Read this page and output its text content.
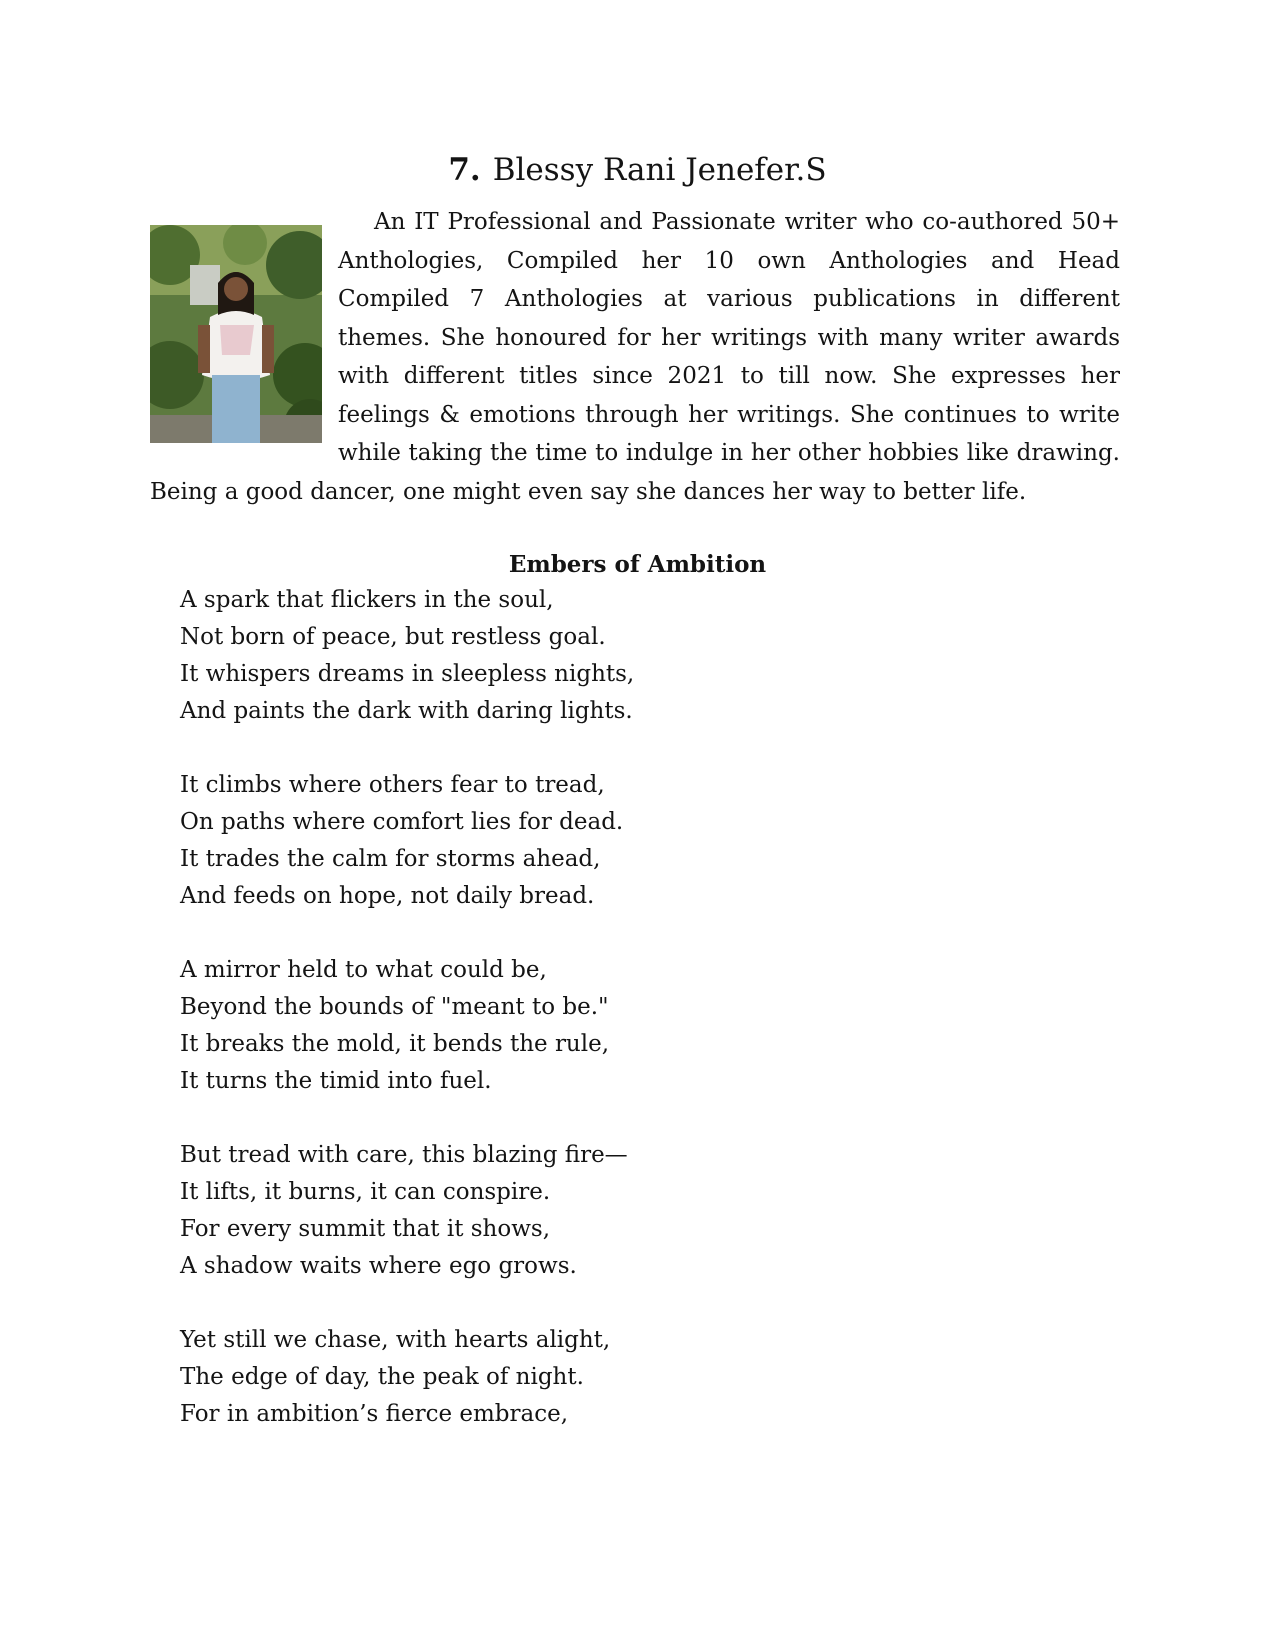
7. Blessy Rani Jenefer.S

An IT Professional and Passionate writer who co-authored 50+ Anthologies, Compiled her 10 own Anthologies and Head Compiled 7 Anthologies at various publications in different themes. She honoured for her writings with many writer awards with different titles since 2021 to till now. She expresses her feelings & emotions through her writings. She continues to write while taking the time to indulge in her other hobbies like drawing. Being a good dancer, one might even say she dances her way to better life.

Embers of Ambition
A spark that flickers in the soul,
Not born of peace, but restless goal.
It whispers dreams in sleepless nights,
And paints the dark with daring lights.
It climbs where others fear to tread,
On paths where comfort lies for dead.
It trades the calm for storms ahead,
And feeds on hope, not daily bread.
A mirror held to what could be,
Beyond the bounds of "meant to be."
It breaks the mold, it bends the rule,
It turns the timid into fuel.
But tread with care, this blazing fire—
It lifts, it burns, it can conspire.
For every summit that it shows,
A shadow waits where ego grows.
Yet still we chase, with hearts alight,
The edge of day, the peak of night.
For in ambition’s fierce embrace,
